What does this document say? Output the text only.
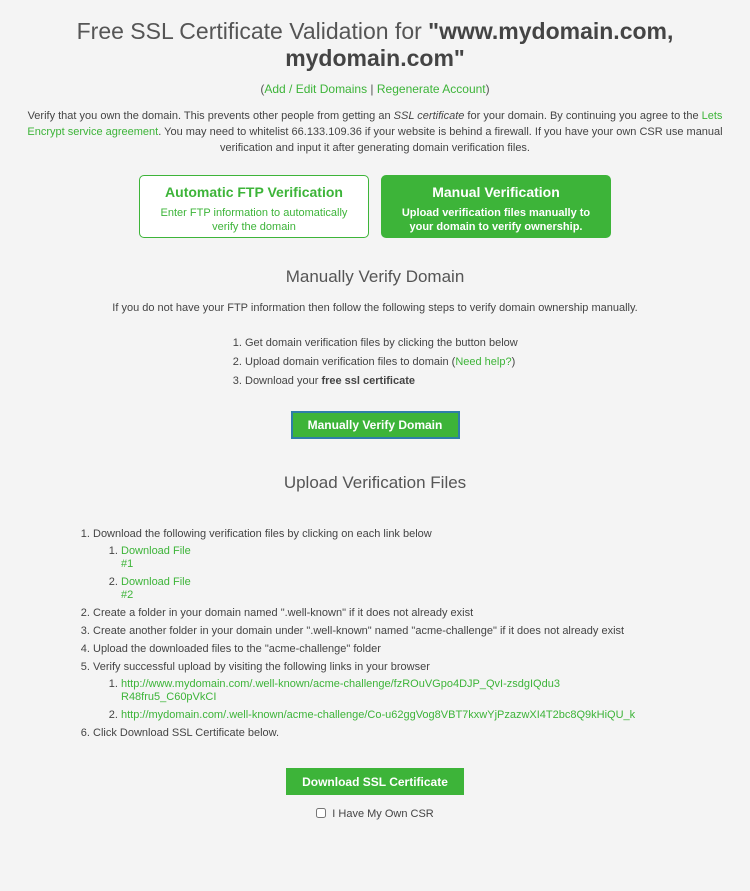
Free SSL Certificate Validation for "www.mydomain.com, mydomain.com"
(Add / Edit Domains | Regenerate Account)
Verify that you own the domain. This prevents other people from getting an SSL certificate for your domain. By continuing you agree to the Lets Encrypt service agreement. You may need to whitelist 66.133.109.36 if your website is behind a firewall. If you have your own CSR use manual verification and input it after generating domain verification files.
Automatic FTP Verification
Enter FTP information to automatically verify the domain
Manual Verification
Upload verification files manually to your domain to verify ownership.
Manually Verify Domain
If you do not have your FTP information then follow the following steps to verify domain ownership manually.
1. Get domain verification files by clicking the button below
2. Upload domain verification files to domain (Need help?)
3. Download your free ssl certificate
Manually Verify Domain
Upload Verification Files
1. Download the following verification files by clicking on each link below
1. Download File #1
2. Download File #2
2. Create a folder in your domain named ".well-known" if it does not already exist
3. Create another folder in your domain under ".well-known" named "acme-challenge" if it does not already exist
4. Upload the downloaded files to the "acme-challenge" folder
5. Verify successful upload by visiting the following links in your browser
1. http://www.mydomain.com/.well-known/acme-challenge/fzROuVGpo4DJP_QvI-zsdgIQdu3R48fru5_C60pVkCI
2. http://mydomain.com/.well-known/acme-challenge/Co-u62ggVog8VBT7kxwYjPzazwXI4T2bc8Q9kHiQU_k
6. Click Download SSL Certificate below.
Download SSL Certificate
I Have My Own CSR
